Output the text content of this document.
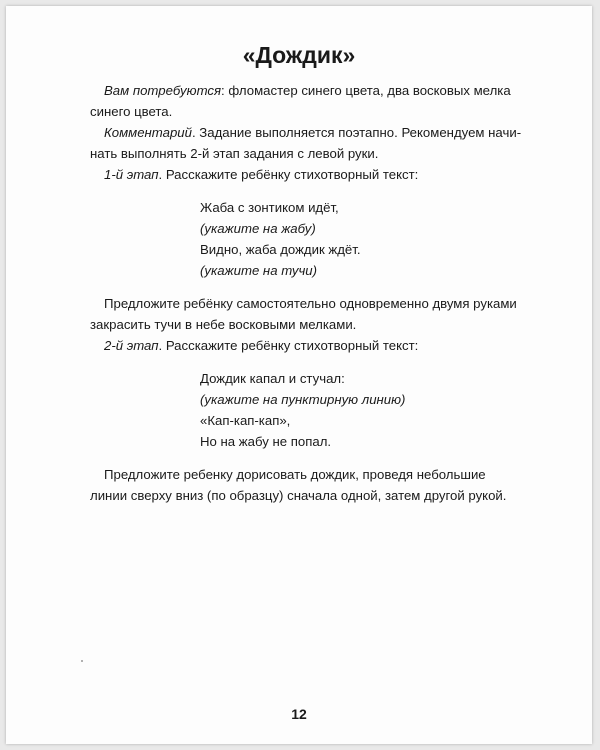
«Дождик»

Вам потребуются: фломастер синего цвета, два восковых мелка синего цвета.

Комментарий. Задание выполняется поэтапно. Рекомендуем начинать выполнять 2-й этап задания с левой руки.

1-й этап. Расскажите ребёнку стихотворный текст:

Жаба с зонтиком идёт,
(укажите на жабу)
Видно, жаба дождик ждёт.
(укажите на тучи)

Предложите ребёнку самостоятельно одновременно двумя руками закрасить тучи в небе восковыми мелками.

2-й этап. Расскажите ребёнку стихотворный текст:

Дождик капал и стучал:
(укажите на пунктирную линию)
«Кап-кап-кап»,
Но на жабу не попал.

Предложите ребенку дорисовать дождик, проведя небольшие линии сверху вниз (по образцу) сначала одной, затем другой рукой.

12
